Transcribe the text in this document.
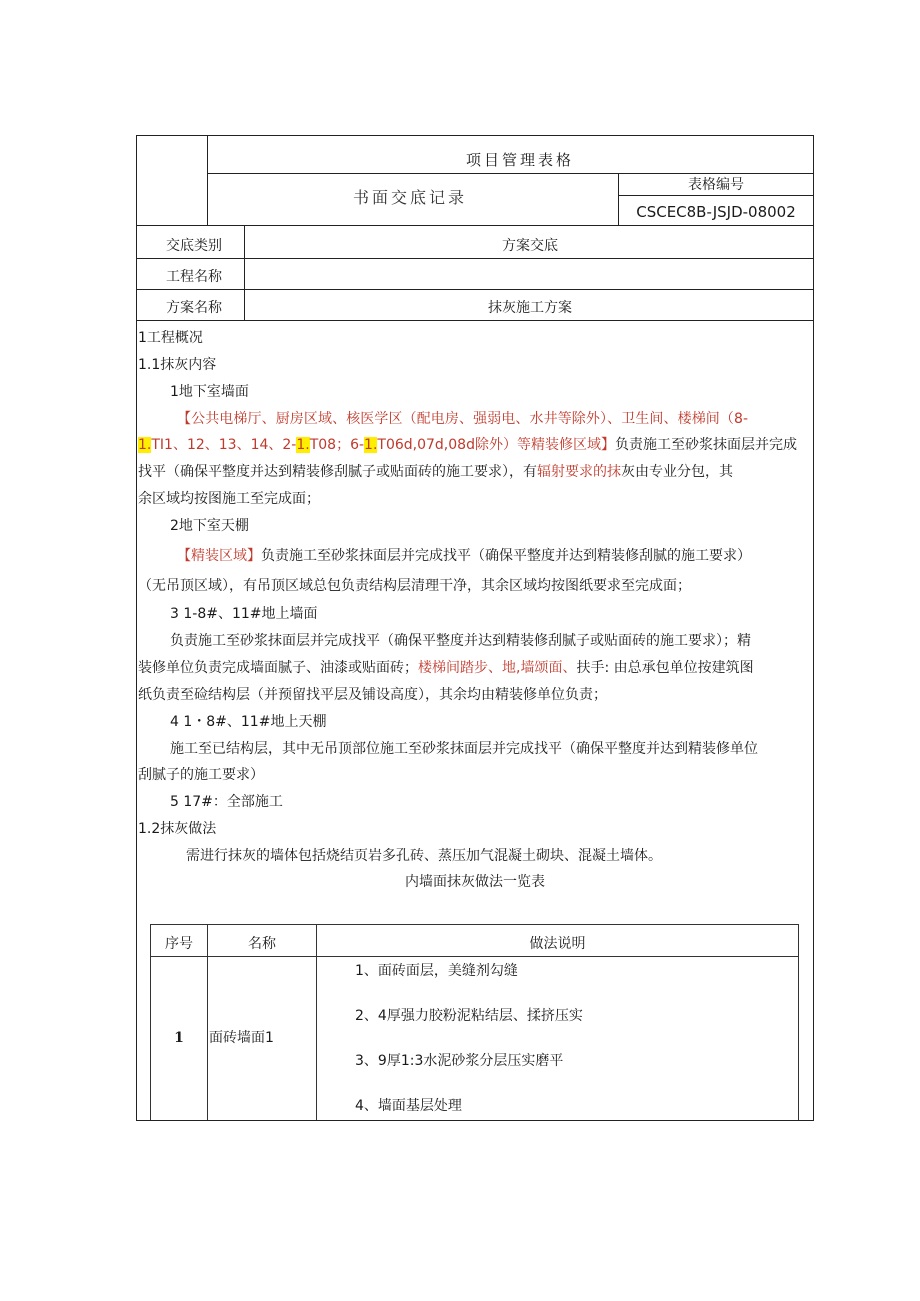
项目管理表格
书面交底记录
表格编号
CSCEC8B-JSJD-08002
交底类别	方案交底
工程名称
方案名称	抹灰施工方案
1工程概况
1.1抹灰内容
1地下室墙面
【公共电梯厅、厨房区域、核医学区（配电房、强弱电、水井等除外）、卫生间、楼梯间（8-
1.TI1、12、13、14、2-1.T08；6-1.T06d,07d,08d除外）等精装修区域】负责施工至砂浆抹面层并完成
找平（确保平整度并达到精装修刮腻子或贴面砖的施工要求），有辐射要求的抹灰由专业分包，其
余区域均按图施工至完成面；
2地下室天棚
【精装区域】负责施工至砂浆抹面层并完成找平（确保平整度并达到精装修刮腻的施工要求）
（无吊顶区域），有吊顶区域总包负责结构层清理干净，其余区域均按图纸要求至完成面；
3 1-8#、11#地上墙面
负责施工至砂浆抹面层并完成找平（确保平整度并达到精装修刮腻子或贴面砖的施工要求）；精
装修单位负责完成墙面腻子、油漆或贴面砖；楼梯间踏步、地,墙颂面、扶手: 由总承包单位按建筑图
纸负责至硷结构层（并预留找平层及铺设高度），其余均由精装修单位负责；
4 1・8#、11#地上天棚
施工至已结构层，其中无吊顶部位施工至砂浆抹面层并完成找平（确保平整度并达到精装修单位
刮腻子的施工要求）
5 17#：全部施工
1.2抹灰做法
需进行抹灰的墙体包括烧结页岩多孔砖、蒸压加气混凝土砌块、混凝土墙体。
内墙面抹灰做法一览表
序号	名称	做法说明
1	面砖墙面1
1、面砖面层，美缝剂勾缝
2、4厚强力胶粉泥粘结层、揉挤压实
3、9厚1:3水泥砂浆分层压实磨平
4、墙面基层处理
